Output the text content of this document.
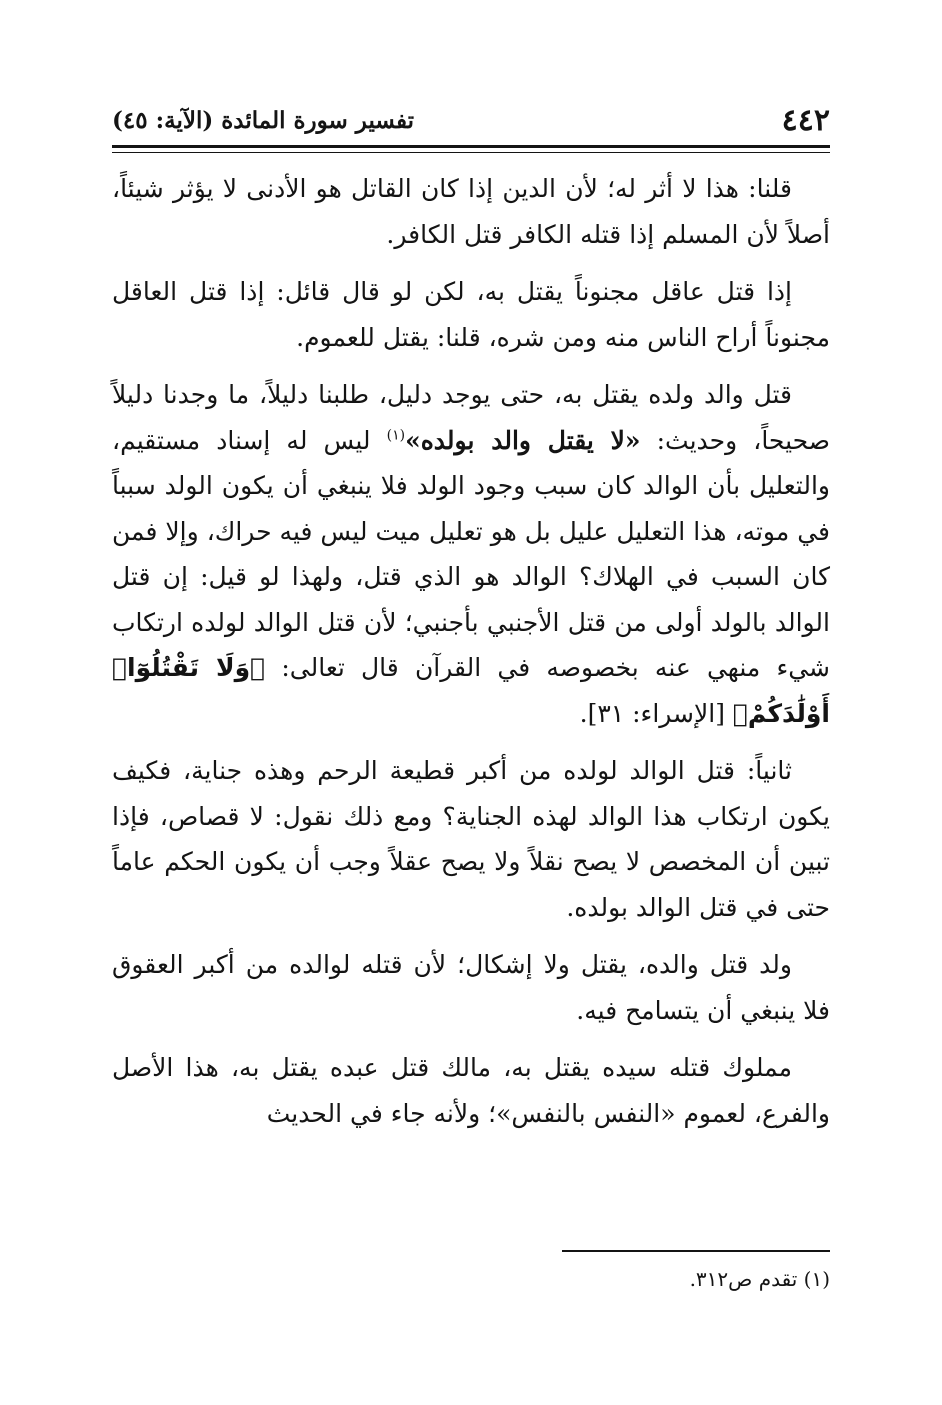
٤٤٢
تفسير سورة المائدة (الآية: ٤٥)

قلنا: هذا لا أثر له؛ لأن الدين إذا كان القاتل هو الأدنى لا يؤثر شيئاً، أصلاً لأن المسلم إذا قتله الكافر قتل الكافر.

إذا قتل عاقل مجنوناً يقتل به، لكن لو قال قائل: إذا قتل العاقل مجنوناً أراح الناس منه ومن شره، قلنا: يقتل للعموم.

قتل والد ولده يقتل به، حتى يوجد دليل، طلبنا دليلاً، ما وجدنا دليلاً صحيحاً، وحديث: «لا يقتل والد بولده»$^{(١)}$ ليس له إسناد مستقيم، والتعليل بأن الوالد كان سبب وجود الولد فلا ينبغي أن يكون الولد سبباً في موته، هذا التعليل عليل بل هو تعليل ميت ليس فيه حراك، وإلا فمن كان السبب في الهلاك؟ الوالد هو الذي قتل، ولهذا لو قيل: إن قتل الوالد بالولد أولى من قتل الأجنبي بأجنبي؛ لأن قتل الوالد لولده ارتكاب شيء منهي عنه بخصوصه في القرآن قال تعالى: ﴿وَلَا تَقْتُلُوٓا۟ أَوْلَٰدَكُمْ﴾ [الإسراء: ٣١].

ثانياً: قتل الوالد لولده من أكبر قطيعة الرحم وهذه جناية، فكيف يكون ارتكاب هذا الوالد لهذه الجناية؟ ومع ذلك نقول: لا قصاص، فإذا تبين أن المخصص لا يصح نقلاً ولا يصح عقلاً وجب أن يكون الحكم عاماً حتى في قتل الوالد بولده.

ولد قتل والده، يقتل ولا إشكال؛ لأن قتله لوالده من أكبر العقوق فلا ينبغي أن يتسامح فيه.

مملوك قتله سيده يقتل به، مالك قتل عبده يقتل به، هذا الأصل والفرع، لعموم «النفس بالنفس»؛ ولأنه جاء في الحديث

(١) تقدم ص٣١٢.
